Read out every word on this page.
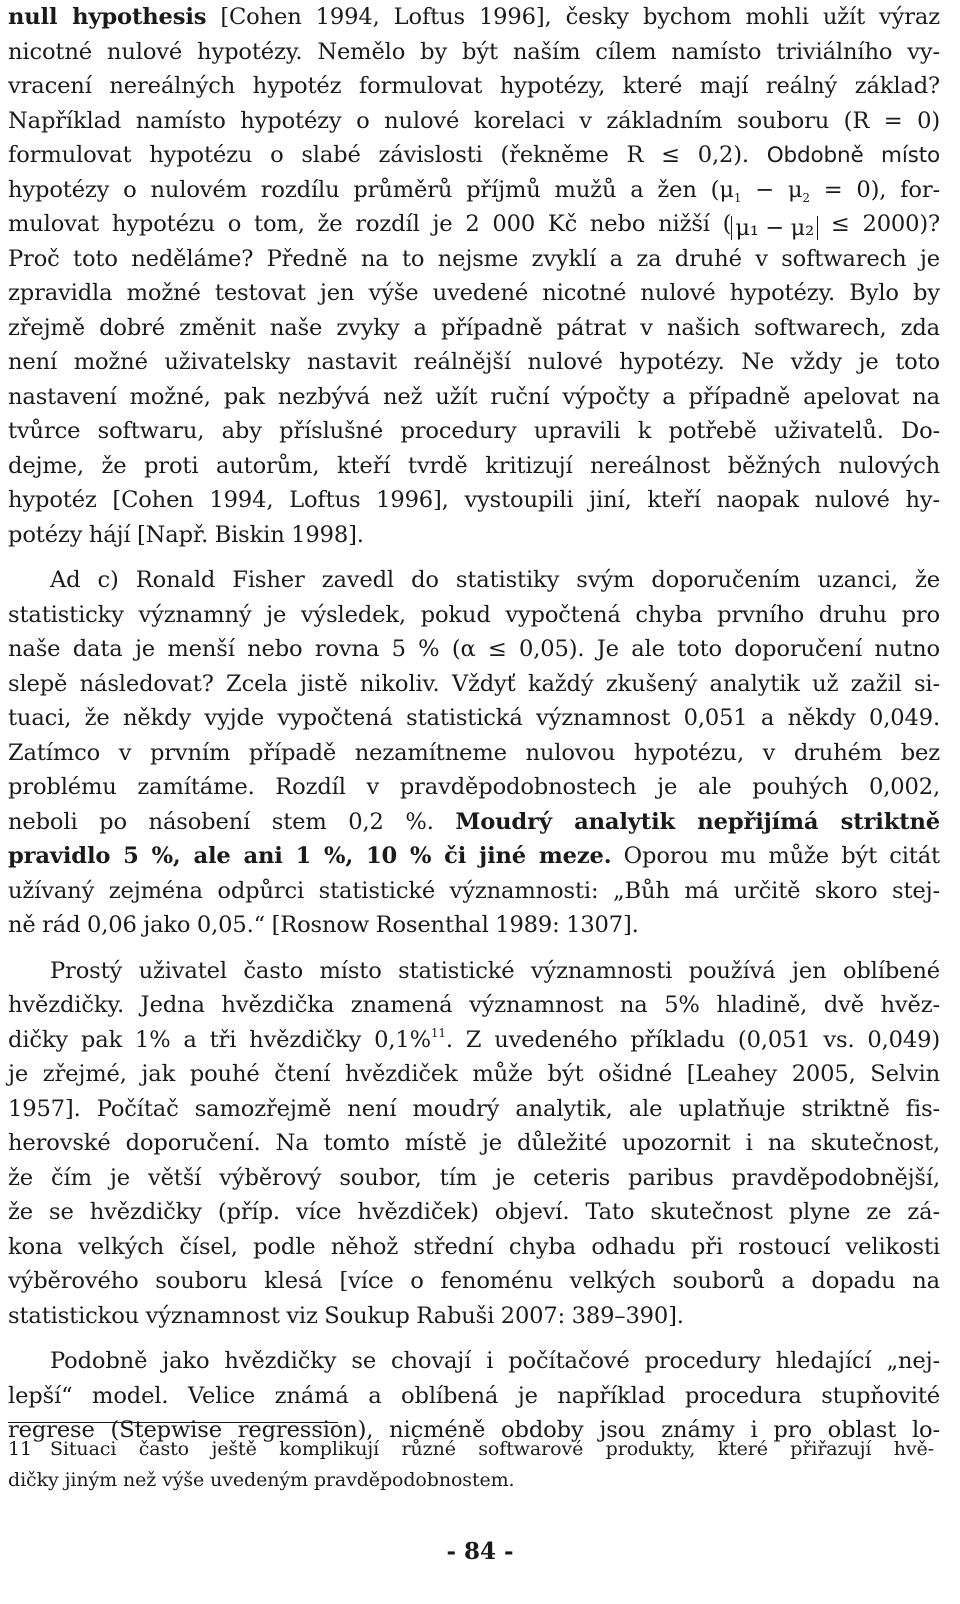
null hypothesis [Cohen 1994, Loftus 1996], česky bychom mohli užít výraz
nicotné nulové hypotézy. Nemělo by být naším cílem namísto triviálního vy-
vracení nereálných hypotéz formulovat hypotézy, které mají reálný základ?
Například namísto hypotézy o nulové korelaci v základním souboru (R = 0)
formulovat hypotézu o slabé závislosti (řekněme R ≤ 0,2). Obdobně místo
hypotézy o nulovém rozdílu průměrů příjmů mužů a žen $(\mu_1 - \mu_2 = 0)$, for-
mulovat hypotézu o tom, že rozdíl je 2 000 Kč nebo nižší ( μ₁ − μ₂ ≤ 2000)?
Proč toto neděláme? Předně na to nejsme zvyklí a za druhé v softwarech je
zpravidla možné testovat jen výše uvedené nicotné nulové hypotézy. Bylo by
zřejmě dobré změnit naše zvyky a případně pátrat v našich softwarech, zda
není možné uživatelsky nastavit reálnější nulové hypotézy. Ne vždy je toto
nastavení možné, pak nezbývá než užít ruční výpočty a případně apelovat na
tvůrce softwaru, aby příslušné procedury upravili k potřebě uživatelů. Do-
dejme, že proti autorům, kteří tvrdě kritizují nereálnost běžných nulových
hypotéz [Cohen 1994, Loftus 1996], vystoupili jiní, kteří naopak nulové hy-
potézy hájí [Např. Biskin 1998].
Ad c) Ronald Fisher zavedl do statistiky svým doporučením uzanci, že
statisticky významný je výsledek, pokud vypočtená chyba prvního druhu pro
naše data je menší nebo rovna 5 % (α ≤ 0,05). Je ale toto doporučení nutno
slepě následovat? Zcela jistě nikoliv. Vždyť každý zkušený analytik už zažil si-
tuaci, že někdy vyjde vypočtená statistická významnost 0,051 a někdy 0,049.
Zatímco v prvním případě nezamítneme nulovou hypotézu, v druhém bez
problému zamítáme. Rozdíl v pravděpodobnostech je ale pouhých 0,002,
neboli po násobení stem 0,2 %. Moudrý analytik nepřijímá striktně
pravidlo 5 %, ale ani 1 %, 10 % či jiné meze. Oporou mu může být citát
užívaný zejména odpůrci statistické významnosti: „Bůh má určitě skoro stej-
ně rád 0,06 jako 0,05.“ [Rosnow Rosenthal 1989: 1307].
Prostý uživatel často místo statistické významnosti používá jen oblíbené
hvězdičky. Jedna hvězdička znamená významnost na 5% hladině, dvě hvěz-
dičky pak 1% a tři hvězdičky 0,1%$^{11}$. Z uvedeného příkladu (0,051 vs. 0,049)
je zřejmé, jak pouhé čtení hvězdiček může být ošidné [Leahey 2005, Selvin
1957]. Počítač samozřejmě není moudrý analytik, ale uplatňuje striktně fis-
herovské doporučení. Na tomto místě je důležité upozornit i na skutečnost,
že čím je větší výběrový soubor, tím je ceteris paribus pravděpodobnější,
že se hvězdičky (příp. více hvězdiček) objeví. Tato skutečnost plyne ze zá-
kona velkých čísel, podle něhož střední chyba odhadu při rostoucí velikosti
výběrového souboru klesá [více o fenoménu velkých souborů a dopadu na
statistickou významnost viz Soukup Rabuši 2007: 389–390].
Podobně jako hvězdičky se chovají i počítačové procedury hledající „nej-
lepší“ model. Velice známá a oblíbená je například procedura stupňovité
regrese (Stepwise regression), nicméně obdoby jsou známy i pro oblast lo-
11 Situaci často ještě komplikují různé softwarové produkty, které přiřazují hvě-
dičky jiným než výše uvedeným pravděpodobnostem.
- 84 -
